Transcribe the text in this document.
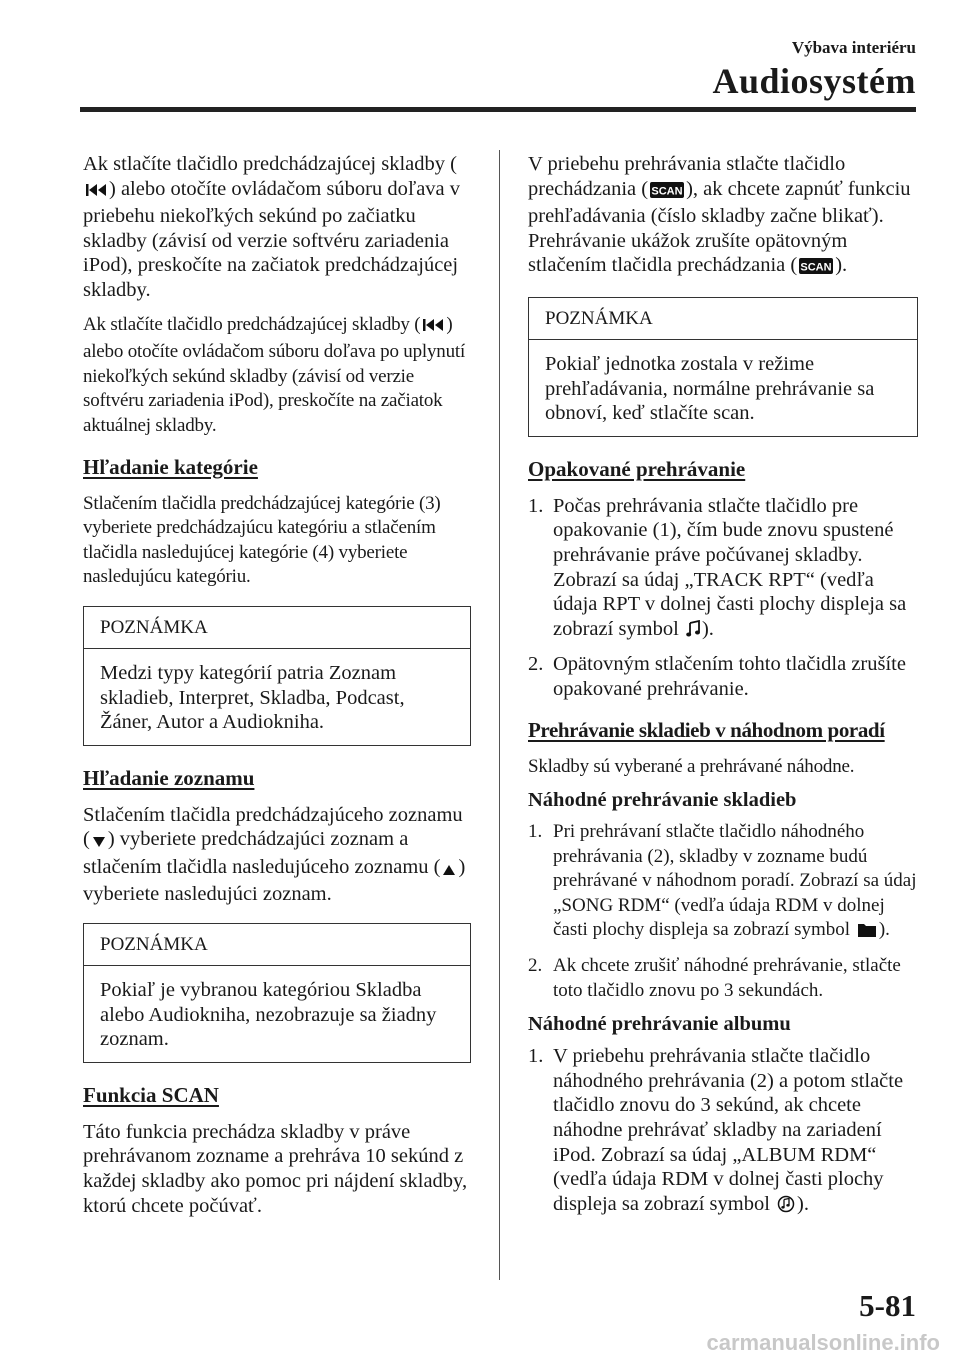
Výbava interiéru
Audiosystém

Ak stlačíte tlačidlo predchádzajúcej skladby () alebo otočíte ovládačom súboru doľava v priebehu niekoľkých sekúnd po začiatku skladby (závisí od verzie softvéru zariadenia iPod), preskočíte na začiatok predchádzajúcej skladby.

Ak stlačíte tlačidlo predchádzajúcej skladby ( ) alebo otočíte ovládačom súboru doľava po uplynutí niekoľkých sekúnd skladby (závisí od verzie softvéru zariadenia iPod), preskočíte na začiatok aktuálnej skladby.

Hľadanie kategórie

Stlačením tlačidla predchádzajúcej kategórie (3) vyberiete predchádzajúcu kategóriu a stlačením tlačidla nasledujúcej kategórie (4) vyberiete nasledujúcu kategóriu.

POZNÁMKA
Medzi typy kategórií patria Zoznam skladieb, Interpret, Skladba, Podcast, Žáner, Autor a Audiokniha.
Hľadanie zoznamu

Stlačením tlačidla predchádzajúceho zoznamu ( ) vyberiete predchádzajúci zoznam a stlačením tlačidla nasledujúceho zoznamu ( ) vyberiete nasledujúci zoznam.

POZNÁMKA
Pokiaľ je vybranou kategóriou Skladba alebo Audiokniha, nezobrazuje sa žiadny zoznam.
Funkcia SCAN

Táto funkcia prechádza skladby v práve prehrávanom zozname a prehráva 10 sekúnd z každej skladby ako pomoc pri nájdení skladby, ktorú chcete počúvať.

V priebehu prehrávania stlačte tlačidlo prechádzania ( SCAN ), ak chcete zapnúť funkciu prehľadávania (číslo skladby začne blikať). Prehrávanie ukážok zrušíte opätovným stlačením tlačidla prechádzania ( SCAN ).

POZNÁMKA
Pokiaľ jednotka zostala v režime prehľadávania, normálne prehrávanie sa obnoví, keď stlačíte scan.
Opakované prehrávanie
1. Počas prehrávania stlačte tlačidlo pre opakovanie (1), čím bude znovu spustené prehrávanie práve počúvanej skladby. Zobrazí sa údaj „TRACK RPT“ (vedľa údaja RPT v dolnej časti plochy displeja sa zobrazí symbol ).
2. Opätovným stlačením tohto tlačidla zrušíte opakované prehrávanie.
Prehrávanie skladieb v náhodnom poradí

Skladby sú vyberané a prehrávané náhodne.

Náhodné prehrávanie skladieb
1. Pri prehrávaní stlačte tlačidlo náhodného prehrávania (2), skladby v zozname budú prehrávané v náhodnom poradí. Zobrazí sa údaj „SONG RDM“ (vedľa údaja RDM v dolnej časti plochy displeja sa zobrazí symbol ).
2. Ak chcete zrušiť náhodné prehrávanie, stlačte toto tlačidlo znovu po 3 sekundách.
Náhodné prehrávanie albumu
1. V priebehu prehrávania stlačte tlačidlo náhodného prehrávania (2) a potom stlačte tlačidlo znovu do 3 sekúnd, ak chcete náhodne prehrávať skladby na zariadení iPod. Zobrazí sa údaj „ALBUM RDM“ (vedľa údaja RDM v dolnej časti plochy displeja sa zobrazí symbol ).
5-81
carmanualsonline.info
